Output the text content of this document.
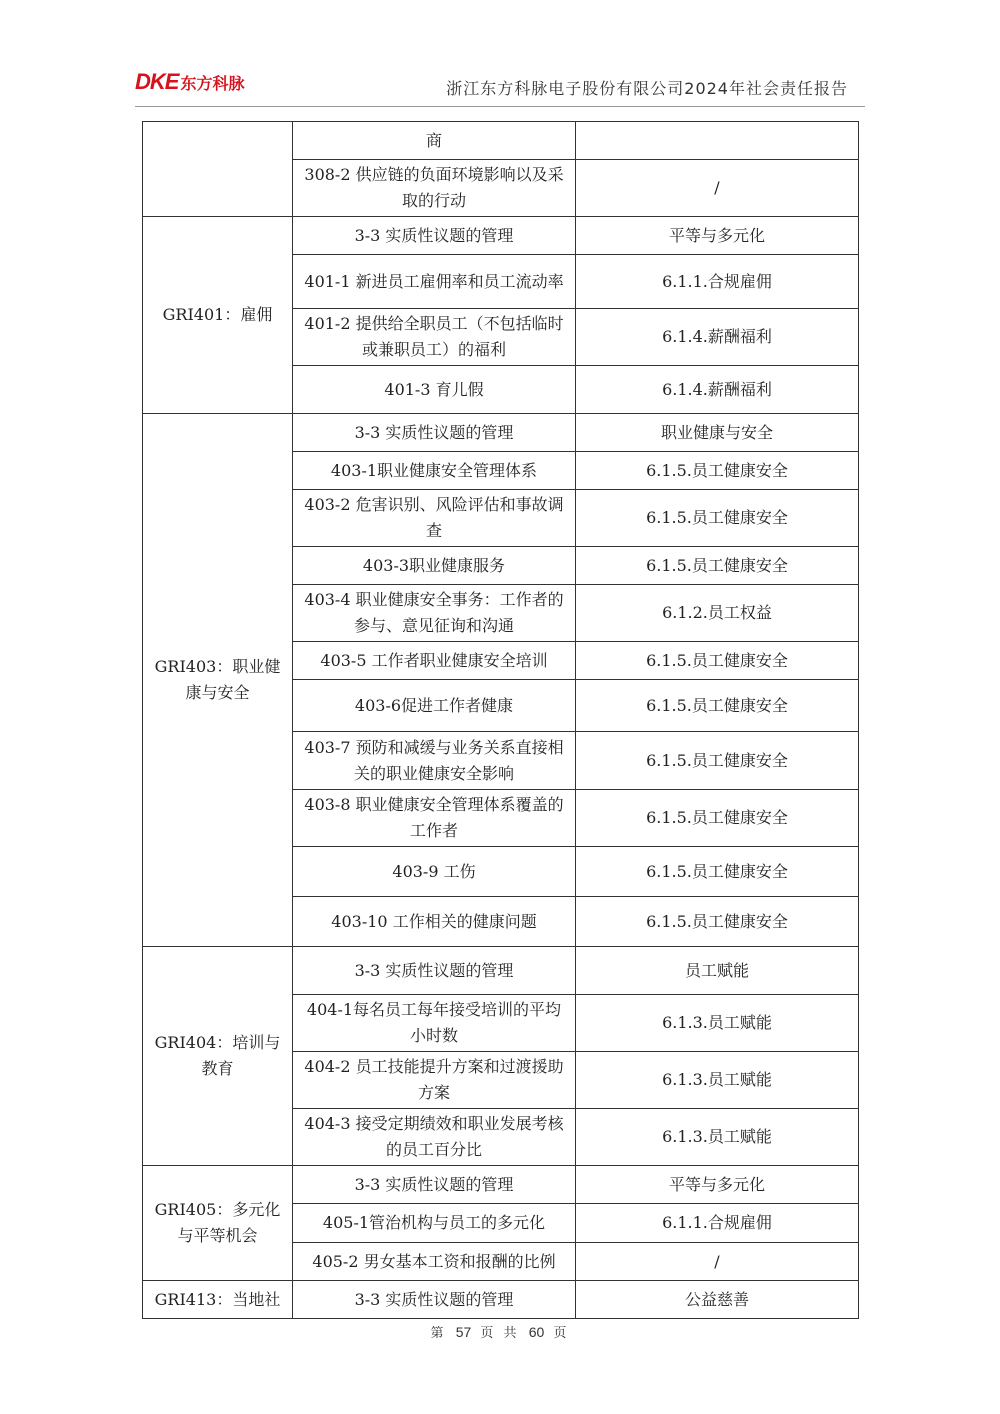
DKE 东方科脉	浙江东方科脉电子股份有限公司2024年社会责任报告
	商	
	308-2 供应链的负面环境影响以及采取的行动	/
GRI401：雇佣	3-3 实质性议题的管理	平等与多元化
	401-1 新进员工雇佣率和员工流动率	6.1.1.合规雇佣
	401-2 提供给全职员工（不包括临时或兼职员工）的福利	6.1.4.薪酬福利
	401-3 育儿假	6.1.4.薪酬福利
GRI403：职业健康与安全	3-3 实质性议题的管理	职业健康与安全
	403-1职业健康安全管理体系	6.1.5.员工健康安全
	403-2 危害识别、风险评估和事故调查	6.1.5.员工健康安全
	403-3职业健康服务	6.1.5.员工健康安全
	403-4 职业健康安全事务：工作者的参与、意见征询和沟通	6.1.2.员工权益
	403-5 工作者职业健康安全培训	6.1.5.员工健康安全
	403-6促进工作者健康	6.1.5.员工健康安全
	403-7 预防和减缓与业务关系直接相关的职业健康安全影响	6.1.5.员工健康安全
	403-8 职业健康安全管理体系覆盖的工作者	6.1.5.员工健康安全
	403-9 工伤	6.1.5.员工健康安全
	403-10 工作相关的健康问题	6.1.5.员工健康安全
GRI404：培训与教育	3-3 实质性议题的管理	员工赋能
	404-1每名员工每年接受培训的平均小时数	6.1.3.员工赋能
	404-2 员工技能提升方案和过渡援助方案	6.1.3.员工赋能
	404-3 接受定期绩效和职业发展考核的员工百分比	6.1.3.员工赋能
GRI405：多元化与平等机会	3-3 实质性议题的管理	平等与多元化
	405-1管治机构与员工的多元化	6.1.1.合规雇佣
	405-2 男女基本工资和报酬的比例	/
GRI413：当地社	3-3 实质性议题的管理	公益慈善
第 57 页 共 60 页
